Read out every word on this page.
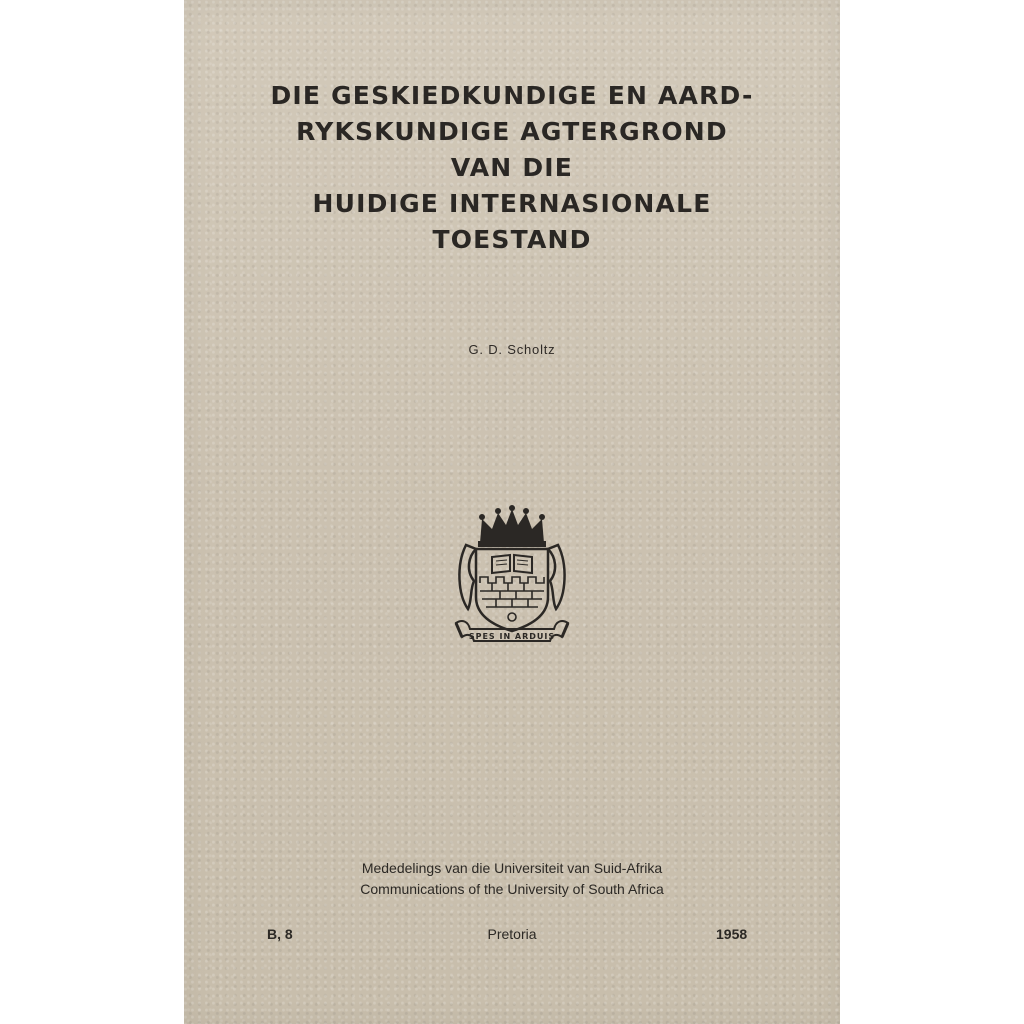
DIE GESKIEDKUNDIGE EN AARD-
RYKSKUNDIGE AGTERGROND
VAN DIE
HUIDIGE INTERNASIONALE
TOESTAND
G. D. Scholtz
SPES IN ARDUIS
Mededelings van die Universiteit van Suid-Afrika
Communications of the University of South Africa
B, 8	Pretoria	1958
